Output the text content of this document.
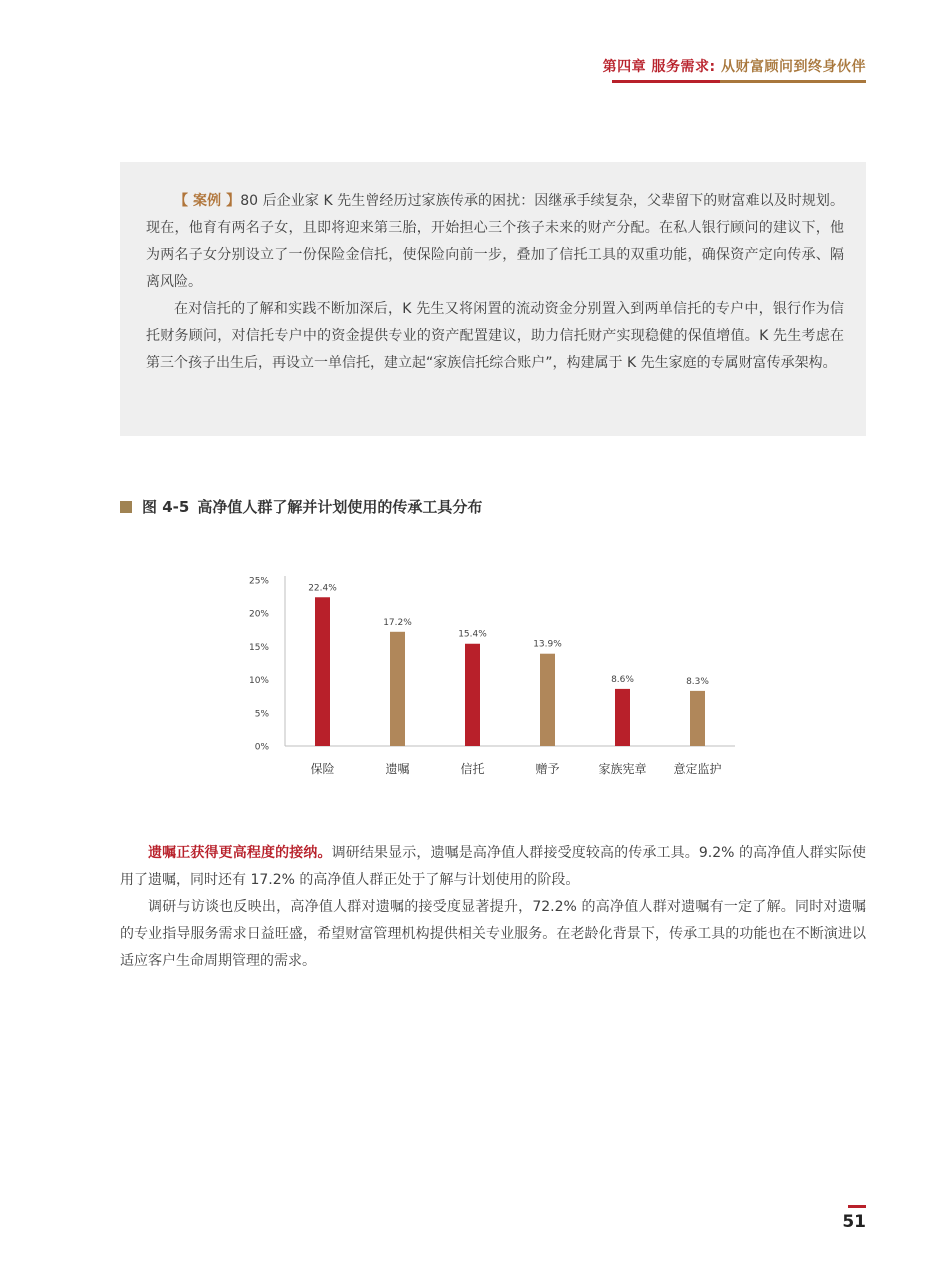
第四章 服务需求: 从财富顾问到终身伙伴

【 案例 】80 后企业家 K 先生曾经历过家族传承的困扰：因继承手续复杂，父辈留下的财富难以及时规划。现在，他育有两名子女，且即将迎来第三胎，开始担心三个孩子未来的财产分配。在私人银行顾问的建议下，他为两名子女分别设立了一份保险金信托，使保险向前一步，叠加了信托工具的双重功能，确保资产定向传承、隔离风险。

在对信托的了解和实践不断加深后，K 先生又将闲置的流动资金分别置入到两单信托的专户中，银行作为信托财务顾问，对信托专户中的资金提供专业的资产配置建议，助力信托财产实现稳健的保值增值。K 先生考虑在第三个孩子出生后，再设立一单信托，建立起“家族信托综合账户”，构建属于 K 先生家庭的专属财富传承架构。

图 4-5 高净值人群了解并计划使用的传承工具分布
0%
5%
10%
15%
20%
25%
22.4%
保险
17.2%
遗嘱
15.4%
信托
13.9%
赠予
8.6%
家族宪章
8.3%
意定监护

遗嘱正获得更高程度的接纳。调研结果显示，遗嘱是高净值人群接受度较高的传承工具。9.2% 的高净值人群实际使用了遗嘱，同时还有 17.2% 的高净值人群正处于了解与计划使用的阶段。

调研与访谈也反映出，高净值人群对遗嘱的接受度显著提升，72.2% 的高净值人群对遗嘱有一定了解。同时对遗嘱的专业指导服务需求日益旺盛，希望财富管理机构提供相关专业服务。在老龄化背景下，传承工具的功能也在不断演进以适应客户生命周期管理的需求。

51
